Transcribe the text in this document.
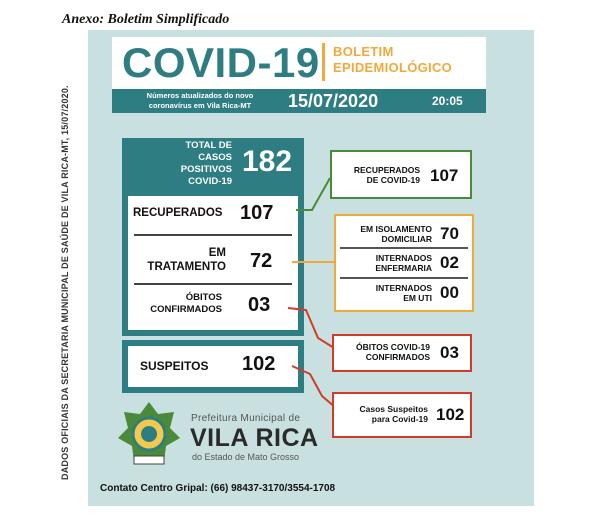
Anexo: Boletim Simplificado
DADOS OFICIAIS DA SECRETARIA MUNICIPAL DE SAÚDE DE VILA RICA-MT, 15/07/2020.
COVID-19 BOLETIM
EPIDEMIOLÓGICO
Números atualizados do novo
coronavírus em Vila Rica-MT	15/07/2020	20:05
TOTAL DE
CASOS
POSITIVOS
COVID-19
182
RECUPERADOS 107
EM
TRATAMENTO 72
ÓBITOS
CONFIRMADOS 03
SUSPEITOS 102
RECUPERADOS
DE COVID-19 107
EM ISOLAMENTO
DOMICILIAR 70
INTERNADOS
ENFERMARIA 02
INTERNADOS
EM UTI 00
ÓBITOS COVID-19
CONFIRMADOS 03
Casos Suspeitos
para Covid-19 102
Prefeitura Municipal de
VILA RICA
do Estado de Mato Grosso
Contato Centro Gripal: (66) 98437-3170/3554-1708
